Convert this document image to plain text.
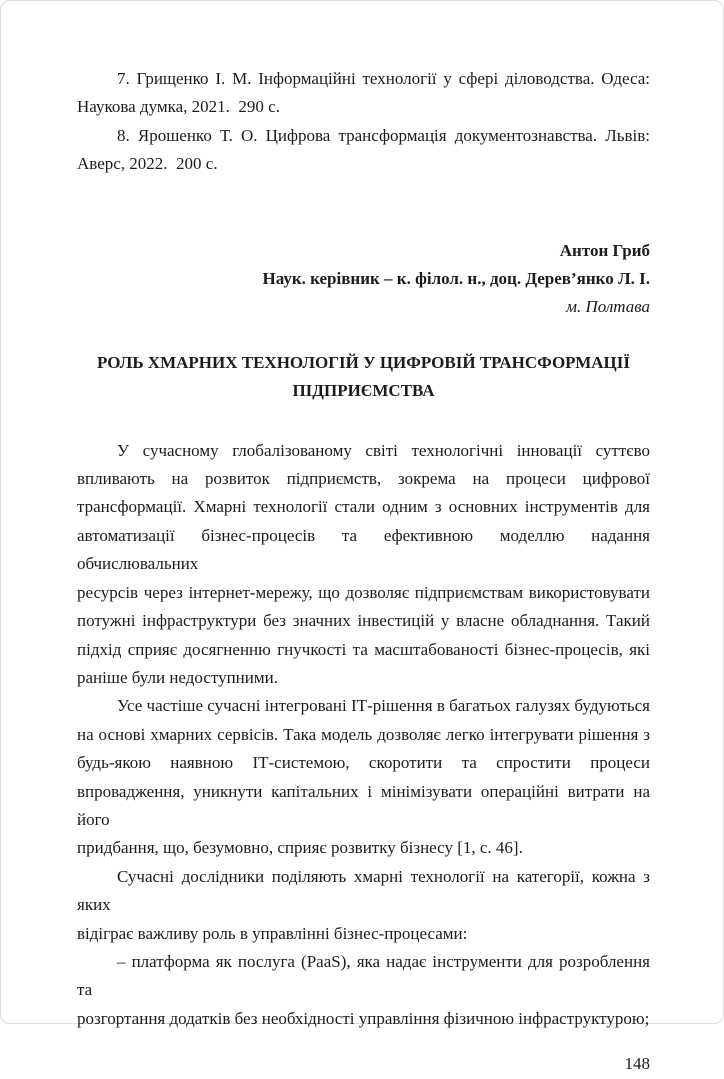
7. Грищенко І. М. Інформаційні технології у сфері діловодства. Одеса:
Наукова думка, 2021.  290 с.
8. Ярошенко Т. О. Цифрова трансформація документознавства. Львів:
Аверс, 2022.  200 с.
Антон Гриб
Наук. керівник – к. філол. н., доц. Дерев’янко Л. І.
м. Полтава
РОЛЬ ХМАРНИХ ТЕХНОЛОГІЙ У ЦИФРОВІЙ ТРАНСФОРМАЦІЇ
ПІДПРИЄМСТВА
У сучасному глобалізованому світі технологічні інновації суттєво
впливають на розвиток підприємств, зокрема на процеси цифрової
трансформації. Хмарні технології стали одним з основних інструментів для
автоматизації бізнес-процесів та ефективною моделлю надання обчислювальних
ресурсів через інтернет-мережу, що дозволяє підприємствам використовувати
потужні інфраструктури без значних інвестицій у власне обладнання. Такий
підхід сприяє досягненню гнучкості та масштабованості бізнес-процесів, які
раніше були недоступними.
Усе частіше сучасні інтегровані ІТ-рішення в багатьох галузях будуються
на основі хмарних сервісів. Така модель дозволяє легко інтегрувати рішення з
будь-якою наявною ІТ-системою, скоротити та спростити процеси
впровадження, уникнути капітальних і мінімізувати операційні витрати на його
придбання, що, безумовно, сприяє розвитку бізнесу [1, с. 46].
Сучасні дослідники поділяють хмарні технології на категорії, кожна з яких
відіграє важливу роль в управлінні бізнес-процесами:
– платформа як послуга (PaaS), яка надає інструменти для розроблення та
розгортання додатків без необхідності управління фізичною інфраструктурою;
148
